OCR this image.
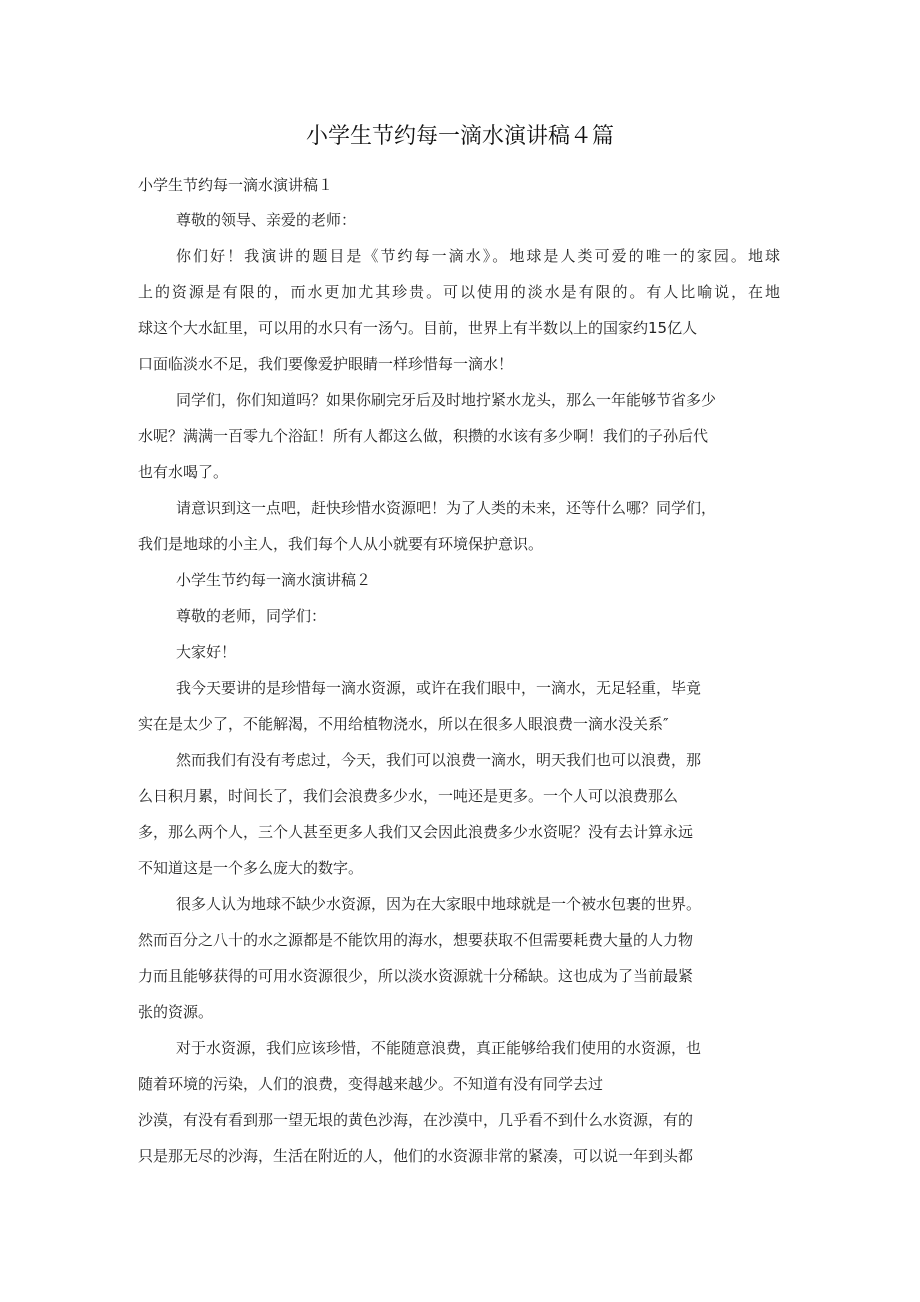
小学生节约每一滴水演讲稿４篇
小学生节约每一滴水演讲稿１
尊敬的领导、亲爱的老师：
你们好！我演讲的题目是《节约每一滴水》。地球是人类可爱的唯一的家园。地球
上的资源是有限的，而水更加尤其珍贵。可以使用的淡水是有限的。有人比喻说，在地
球这个大水缸里，可以用的水只有一汤勺。目前，世界上有半数以上的国家约15亿人
口面临淡水不足，我们要像爱护眼睛一样珍惜每一滴水！
同学们，你们知道吗？如果你刷完牙后及时地拧紧水龙头，那么一年能够节省多少
水呢？满满一百零九个浴缸！所有人都这么做，积攒的水该有多少啊！我们的子孙后代
也有水喝了。
请意识到这一点吧，赶快珍惜水资源吧！为了人类的未来，还等什么哪？同学们，
我们是地球的小主人，我们每个人从小就要有环境保护意识。
小学生节约每一滴水演讲稿２
尊敬的老师，同学们：
大家好！
我今天要讲的是珍惜每一滴水资源，或许在我们眼中，一滴水，无足轻重，毕竟
实在是太少了，不能解渴，不用给植物浇水，所以在很多人眼浪费一滴水没关系″
然而我们有没有考虑过，今天，我们可以浪费一滴水，明天我们也可以浪费，那
么日积月累，时间长了，我们会浪费多少水，一吨还是更多。一个人可以浪费那么
多，那么两个人，三个人甚至更多人我们又会因此浪费多少水资呢？没有去计算永远
不知道这是一个多么庞大的数字。
很多人认为地球不缺少水资源，因为在大家眼中地球就是一个被水包裹的世界。
然而百分之八十的水之源都是不能饮用的海水，想要获取不但需要耗费大量的人力物
力而且能够获得的可用水资源很少，所以淡水资源就十分稀缺。这也成为了当前最紧
张的资源。
对于水资源，我们应该珍惜，不能随意浪费，真正能够给我们使用的水资源，也
随着环境的污染，人们的浪费，变得越来越少。不知道有没有同学去过
沙漠，有没有看到那一望无垠的黄色沙海，在沙漠中，几乎看不到什么水资源，有的
只是那无尽的沙海，生活在附近的人，他们的水资源非常的紧凑，可以说一年到头都
